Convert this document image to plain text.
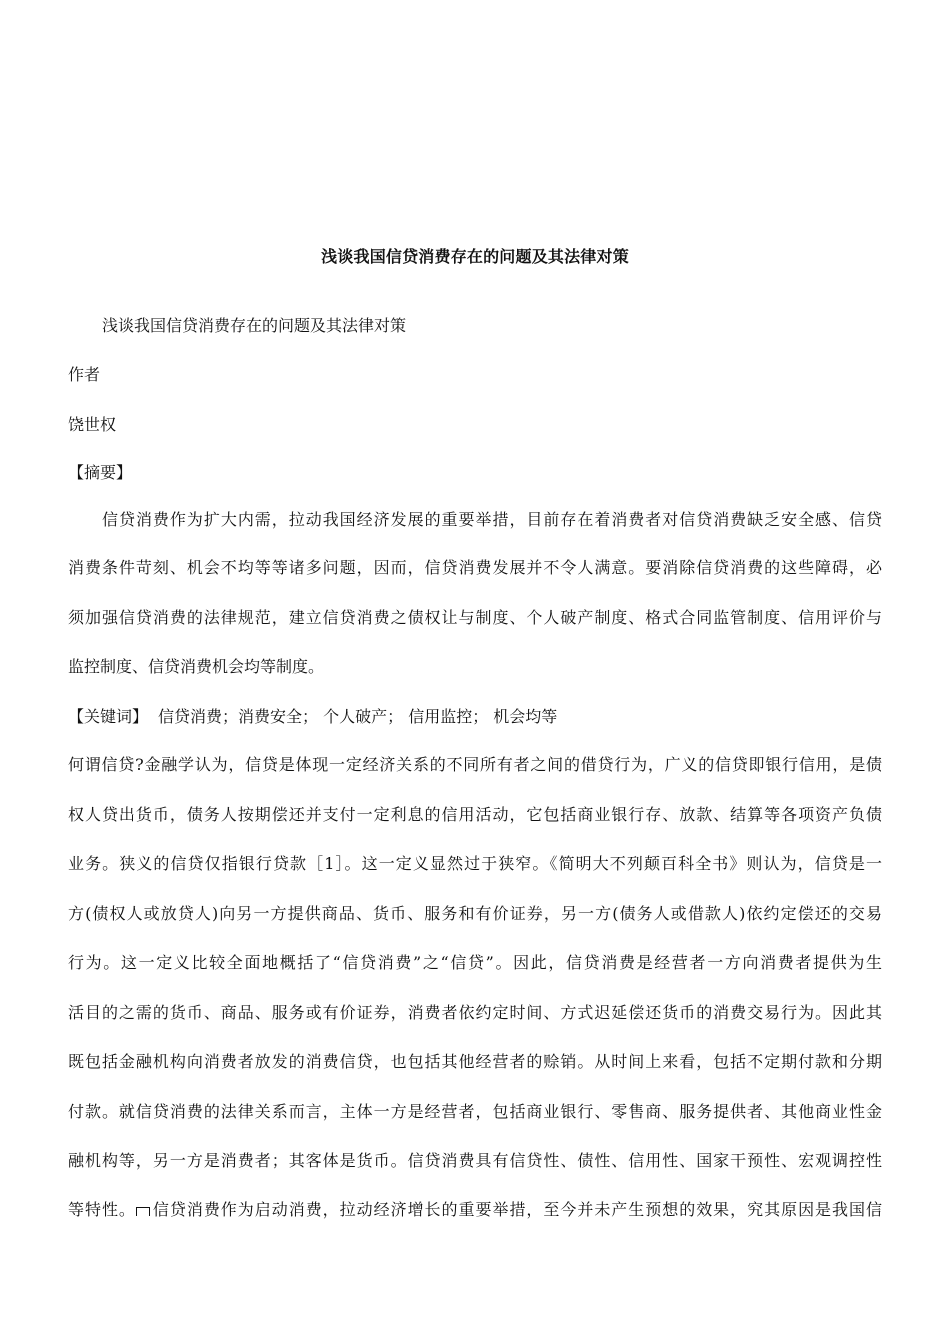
浅谈我国信贷消费存在的问题及其法律对策
浅谈我国信贷消费存在的问题及其法律对策
作者
饶世权
【摘要】
信贷消费作为扩大内需，拉动我国经济发展的重要举措，目前存在着消费者对信贷消费缺乏安全感、信贷
消费条件苛刻、机会不均等等诸多问题，因而，信贷消费发展并不令人满意。要消除信贷消费的这些障碍，必
须加强信贷消费的法律规范，建立信贷消费之债权让与制度、个人破产制度、格式合同监管制度、信用评价与
监控制度、信贷消费机会均等制度。
【关键词】 信贷消费；消费安全； 个人破产； 信用监控； 机会均等
何谓信贷?金融学认为，信贷是体现一定经济关系的不同所有者之间的借贷行为，广义的信贷即银行信用，是债
权人贷出货币，债务人按期偿还并支付一定利息的信用活动，它包括商业银行存、放款、结算等各项资产负债
业务。狭义的信贷仅指银行贷款［1］。这一定义显然过于狭窄。《简明大不列颠百科全书》则认为，信贷是一
方(债权人或放贷人)向另一方提供商品、货币、服务和有价证券，另一方(债务人或借款人)依约定偿还的交易
行为。这一定义比较全面地概括了“信贷消费”之“信贷”。因此，信贷消费是经营者一方向消费者提供为生
活目的之需的货币、商品、服务或有价证券，消费者依约定时间、方式迟延偿还货币的消费交易行为。因此其
既包括金融机构向消费者放发的消费信贷，也包括其他经营者的赊销。从时间上来看，包括不定期付款和分期
付款。就信贷消费的法律关系而言，主体一方是经营者，包括商业银行、零售商、服务提供者、其他商业性金
融机构等，另一方是消费者；其客体是货币。信贷消费具有信贷性、债性、信用性、国家干预性、宏观调控性
等特性。 信贷消费作为启动消费，拉动经济增长的重要举措，至今并未产生预想的效果，究其原因是我国信
